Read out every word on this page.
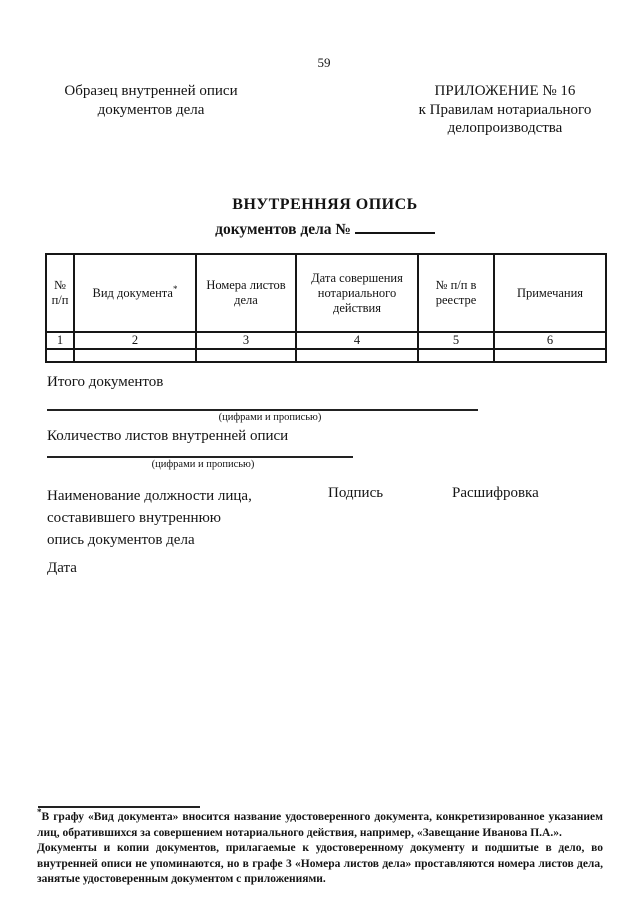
59
Образец внутренней описи
документов дела
ПРИЛОЖЕНИЕ № 16
к Правилам нотариального
делопроизводства
ВНУТРЕННЯЯ ОПИСЬ
документов дела №
№ п/п	Вид документа*	Номера листов дела	Дата совершения нотариального действия	№ п/п в реестре	Примечания
1	2	3	4	5	6

Итого документов
(цифрами и прописью)
Количество листов внутренней описи
(цифрами и прописью)
Наименование должности лица,
составившего внутреннюю
опись документов дела
Подпись	Расшифровка
Дата

*В графу «Вид документа» вносится название удостоверенного документа, конкретизированное указанием лиц, обратившихся за совершением нотариального действия, например, «Завещание Иванова П.А.».

Документы и копии документов, прилагаемые к удостоверенному документу и подшитые в дело, во внутренней описи не упоминаются, но в графе 3 «Номера листов дела» проставляются номера листов дела, занятые удостоверенным документом с приложениями.
